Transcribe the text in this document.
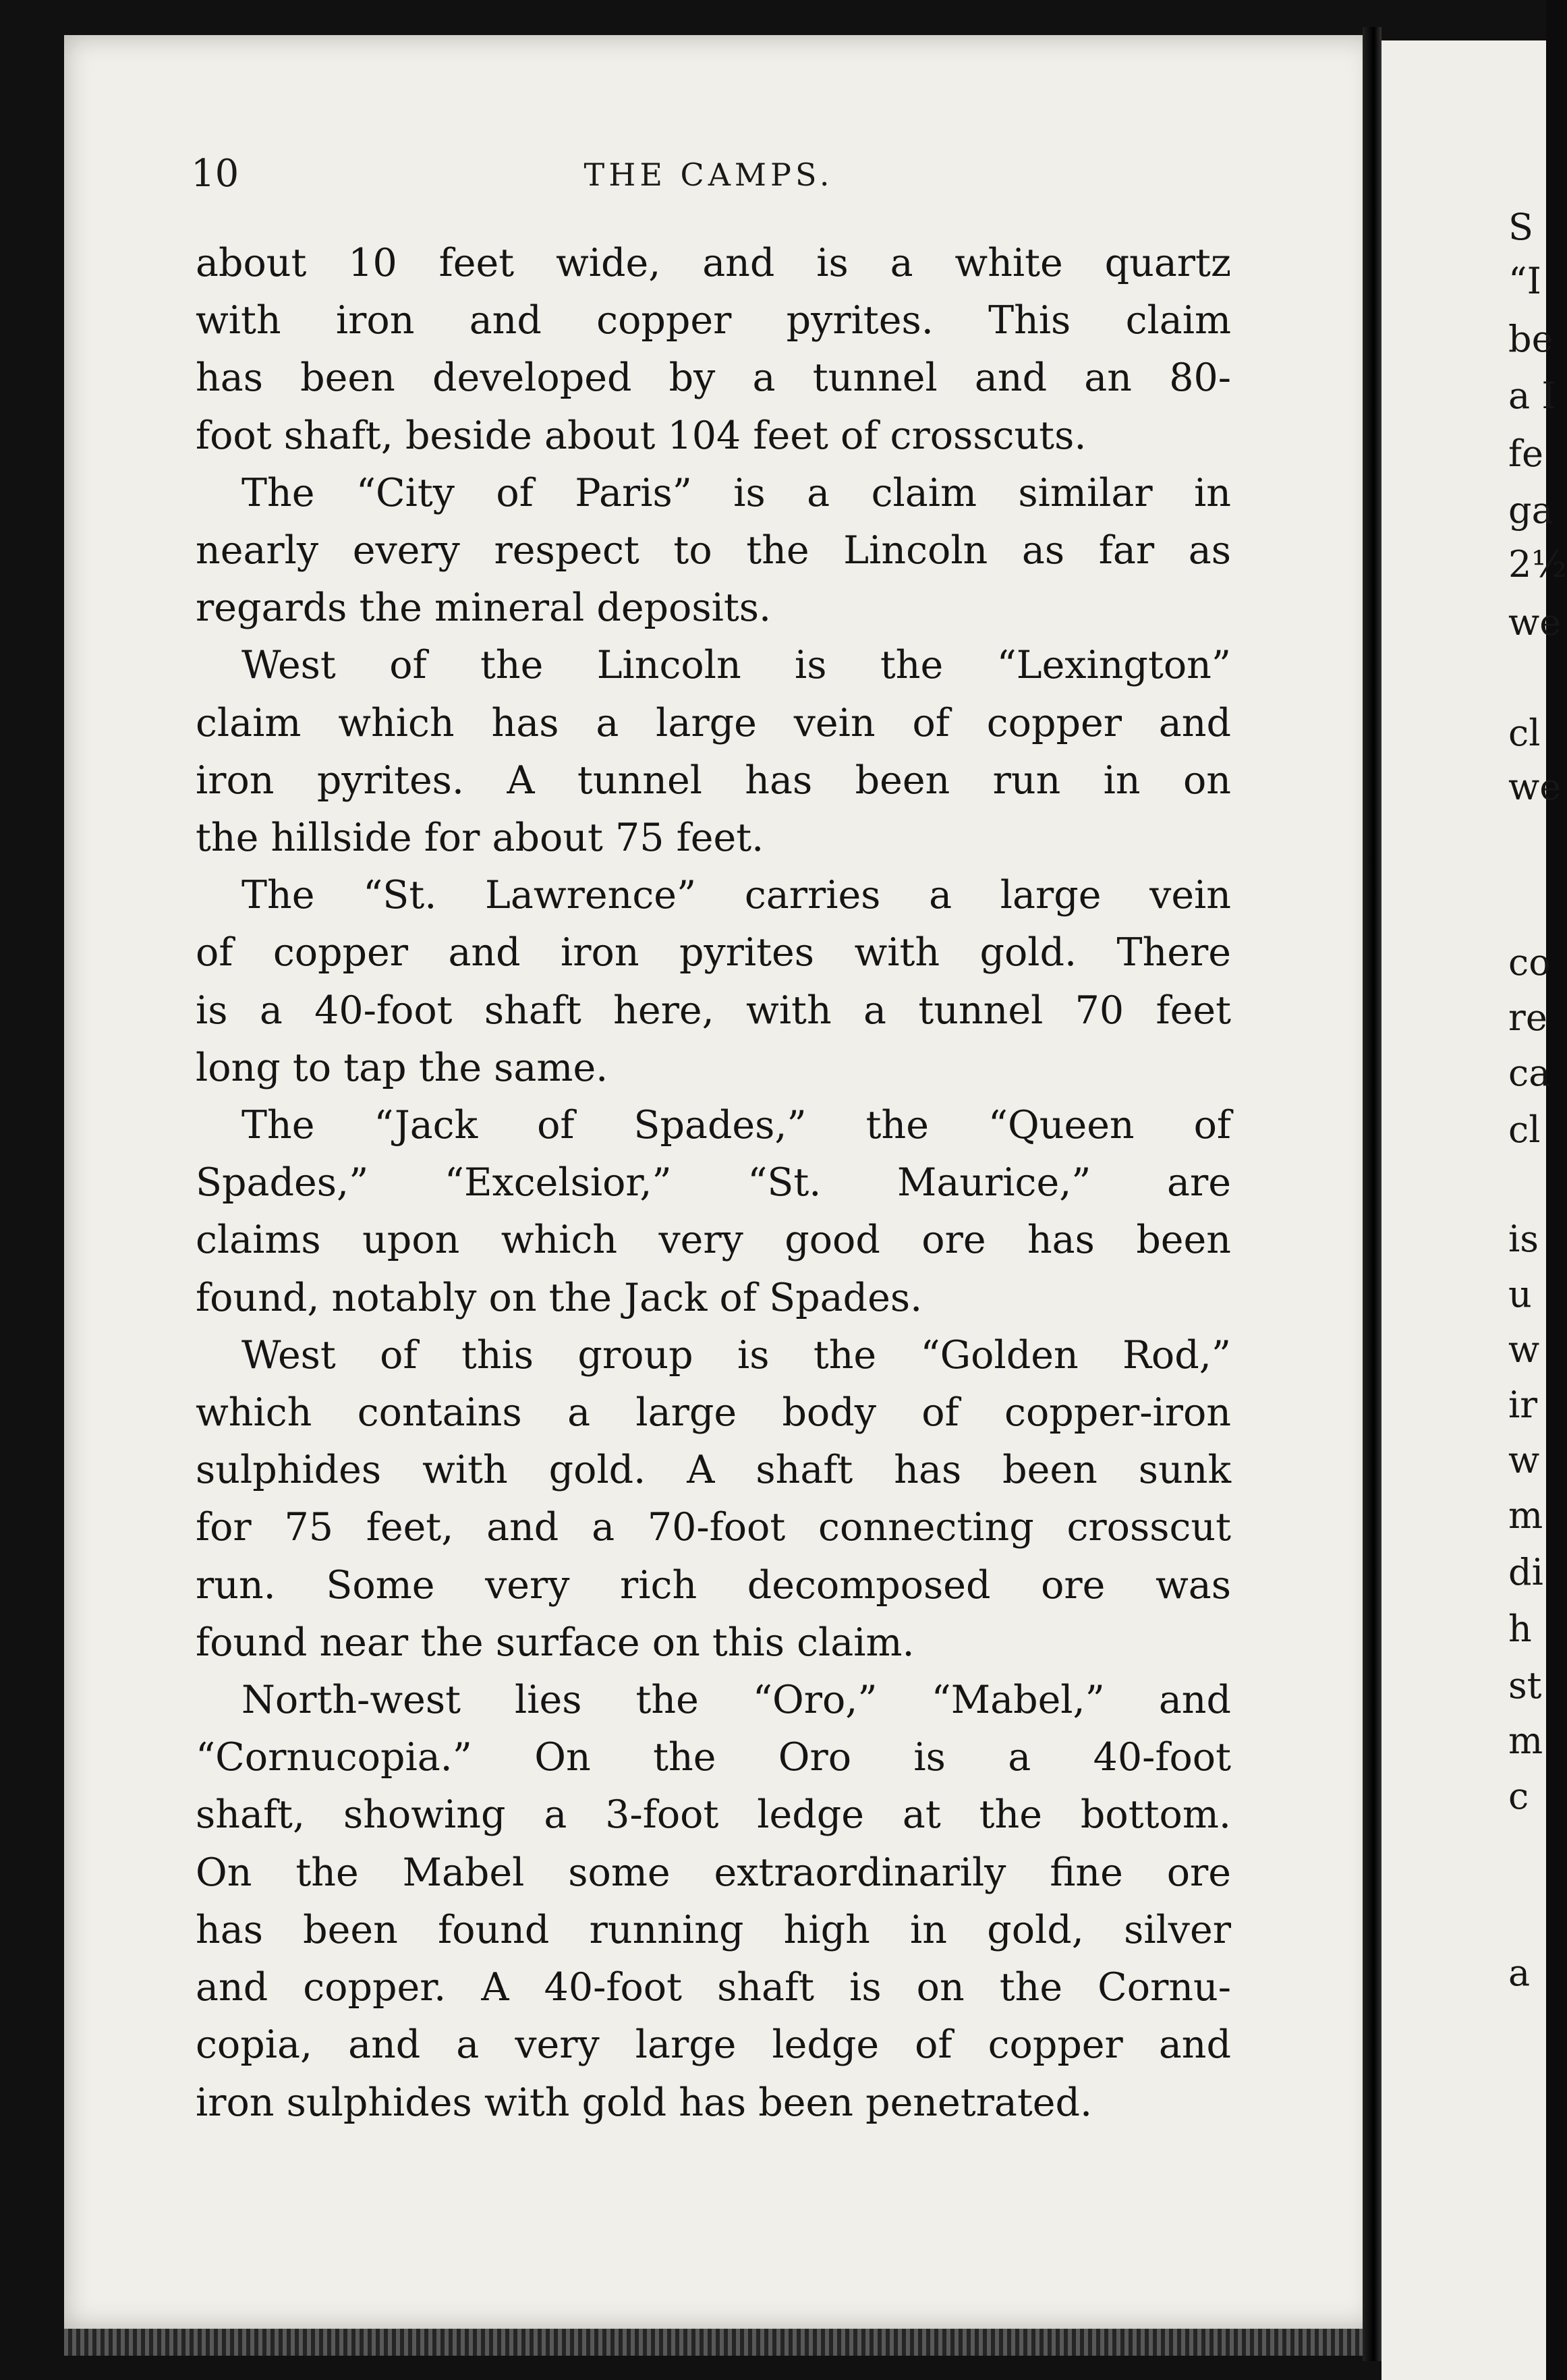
10	THE CAMPS.

about 10 feet wide, and is a white quartz
with iron and copper pyrites. This claim
has been developed by a tunnel and an 80-
foot shaft, beside about 104 feet of crosscuts.

The “City of Paris” is a claim similar in
nearly every respect to the Lincoln as far as
regards the mineral deposits.

West of the Lincoln is the “Lexington”
claim which has a large vein of copper and
iron pyrites. A tunnel has been run in on
the hillside for about 75 feet.

The “St. Lawrence” carries a large vein
of copper and iron pyrites with gold. There
is a 40-foot shaft here, with a tunnel 70 feet
long to tap the same.

The “Jack of Spades,” the “Queen of
Spades,” “Excelsior,” “St. Maurice,” are
claims upon which very good ore has been
found, notably on the Jack of Spades.

West of this group is the “Golden Rod,”
which contains a large body of copper-iron
sulphides with gold. A shaft has been sunk
for 75 feet, and a 70-foot connecting crosscut
run. Some very rich decomposed ore was
found near the surface on this claim.

North-west lies the “Oro,” “Mabel,” and
“Cornucopia.” On the Oro is a 40-foot
shaft, showing a 3-foot ledge at the bottom.
On the Mabel some extraordinarily fine ore
has been found running high in gold, silver
and copper. A 40-foot shaft is on the Cornu-
copia, and a very large ledge of copper and
iron sulphides with gold has been penetrated.

S
“I
be
a I
fe
ga
2½
we
cl
we
co
re
ca
cl
is
u
w
ir
w
m
di
h
st
m
c
a
